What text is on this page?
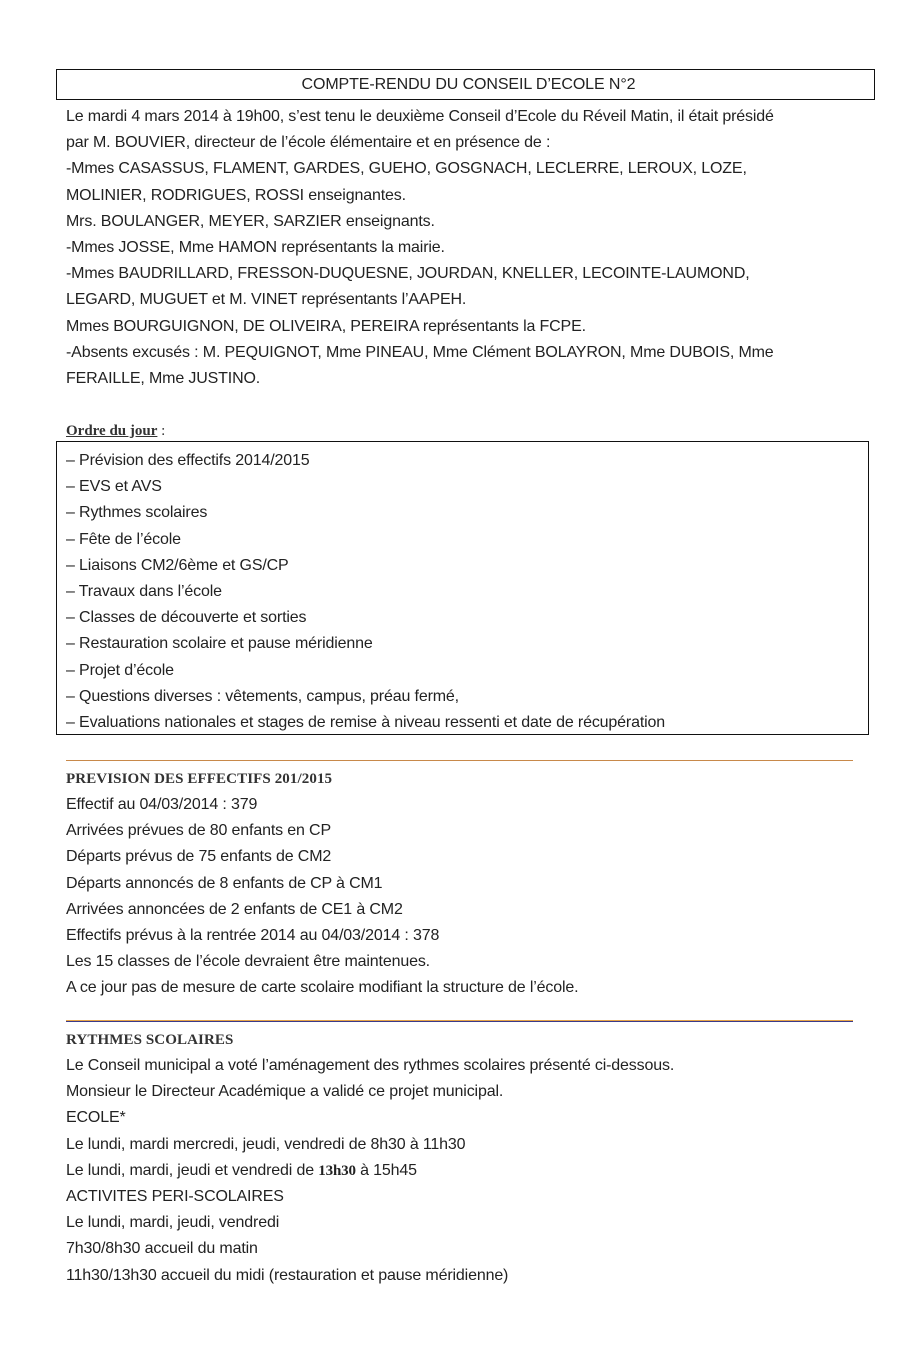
COMPTE-RENDU DU CONSEIL D’ECOLE N°2
Le mardi 4 mars 2014 à 19h00, s’est tenu le deuxième Conseil d’Ecole du Réveil Matin, il était présidé
par M. BOUVIER, directeur de l’école élémentaire et en présence de :
-Mmes CASASSUS, FLAMENT, GARDES, GUEHO, GOSGNACH, LECLERRE, LEROUX, LOZE,
MOLINIER, RODRIGUES, ROSSI enseignantes.
Mrs. BOULANGER, MEYER, SARZIER enseignants.
-Mmes JOSSE, Mme HAMON représentants la mairie.
-Mmes BAUDRILLARD, FRESSON-DUQUESNE, JOURDAN, KNELLER, LECOINTE-LAUMOND,
LEGARD, MUGUET et M. VINET représentants l’AAPEH.
Mmes BOURGUIGNON, DE OLIVEIRA, PEREIRA représentants la FCPE.
-Absents excusés : M. PEQUIGNOT, Mme PINEAU, Mme Clément BOLAYRON, Mme DUBOIS, Mme
FERAILLE, Mme JUSTINO.
Ordre du jour :
– Prévision des effectifs 2014/2015
– EVS et AVS
– Rythmes scolaires
– Fête de l’école
– Liaisons CM2/6ème et GS/CP
– Travaux dans l’école
– Classes de découverte et sorties
– Restauration scolaire et pause méridienne
– Projet d’école
– Questions diverses : vêtements, campus, préau fermé,
– Evaluations nationales et stages de remise à niveau ressenti et date de récupération
PREVISION DES EFFECTIFS 201/2015
Effectif au 04/03/2014 : 379
Arrivées prévues de 80 enfants en CP
Départs prévus de 75 enfants de CM2
Départs annoncés de 8 enfants de CP à CM1
Arrivées annoncées de 2 enfants de CE1 à CM2
Effectifs prévus à la rentrée 2014 au 04/03/2014 : 378
Les 15 classes de l’école devraient être maintenues.
A ce jour pas de mesure de carte scolaire modifiant la structure de l’école.
RYTHMES SCOLAIRES
Le Conseil municipal a voté l’aménagement des rythmes scolaires présenté ci-dessous.
Monsieur le Directeur Académique a validé ce projet municipal.
ECOLE*
Le lundi, mardi mercredi, jeudi, vendredi de 8h30 à 11h30
Le lundi, mardi, jeudi et vendredi de 13h30 à 15h45
ACTIVITES PERI-SCOLAIRES
Le lundi, mardi, jeudi, vendredi
7h30/8h30 accueil du matin
11h30/13h30 accueil du midi (restauration et pause méridienne)
